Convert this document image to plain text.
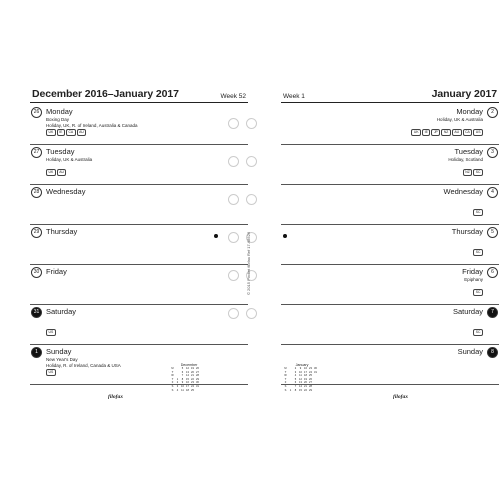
© 2015 Pocket filofax Ref 17-68526
December 2016–January 2017	Week 52
26 Monday
Boxing Day
Holiday, UK, R. of Ireland, Australia & Canada
UK	IE	CA	AU
27 Tuesday
Holiday, UK & Australia
UK	AU
28 Wednesday
29 Thursday
30 Friday
31 Saturday
US
1	Sunday
New Year's Day
Holiday, R. of Ireland, Canada & USA
US
December
M		5	12	19	26
T		6	13	20	27
W		7	14	21	28
T	1	8	15	22	29
F	2	9	16	23	30
S	3	10	17	24	31
S	4	11	18	25	
filofax
Week 1	January 2017
2
Monday
Holiday, UK & Australia
UK	IE	JP	NZ	AU	CA	US
3
Tuesday
Holiday, Scotland
NZ	SC
4
Wednesday
SC
5
Thursday
SC
6
Friday
Epiphany
SC
7
Saturday
SC
8
Sunday
January
M		2	9	16	23	30
T		3	10	17	24	31
W		4	11	18	25	
T		5	12	19	26	
F		6	13	20	27	
S		7	14	21	28	
S	1	8	15	22	29	
filofax
